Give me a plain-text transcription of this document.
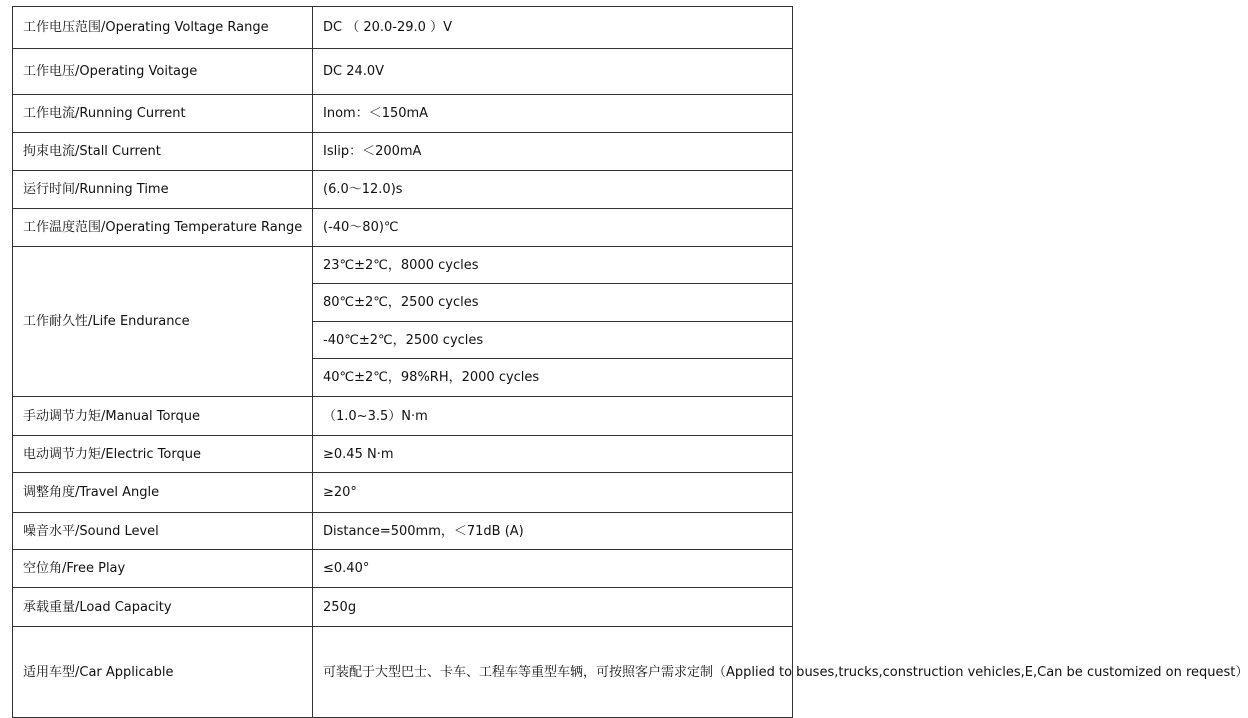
工作电压范围/Operating Voltage Range	DC （ 20.0-29.0 ）V
工作电压/Operating Voitage	DC 24.0V
工作电流/Running Current	Inom：＜150mA
拘束电流/Stall Current	Islip：＜200mA
运行时间/Running Time	(6.0～12.0)s
工作温度范围/Operating Temperature Range	(-40～80)℃
工作耐久性/Life Endurance	23℃±2℃，8000 cycles
	80℃±2℃，2500 cycles
	-40℃±2℃，2500 cycles
	40℃±2℃，98%RH，2000 cycles
手动调节力矩/Manual Torque	（1.0~3.5）N·m
电动调节力矩/Electric Torque	≥0.45 N·m
调整角度/Travel Angle	≥20°
噪音水平/Sound Level	Distance=500mm，＜71dB (A)
空位角/Free Play	≤0.40°
承载重量/Load Capacity	250g
适用车型/Car Applicable	可装配于大型巴士、卡车、工程车等重型车辆，可按照客户需求定制（Applied to buses,trucks,construction vehicles,E,Can be customized on request）
